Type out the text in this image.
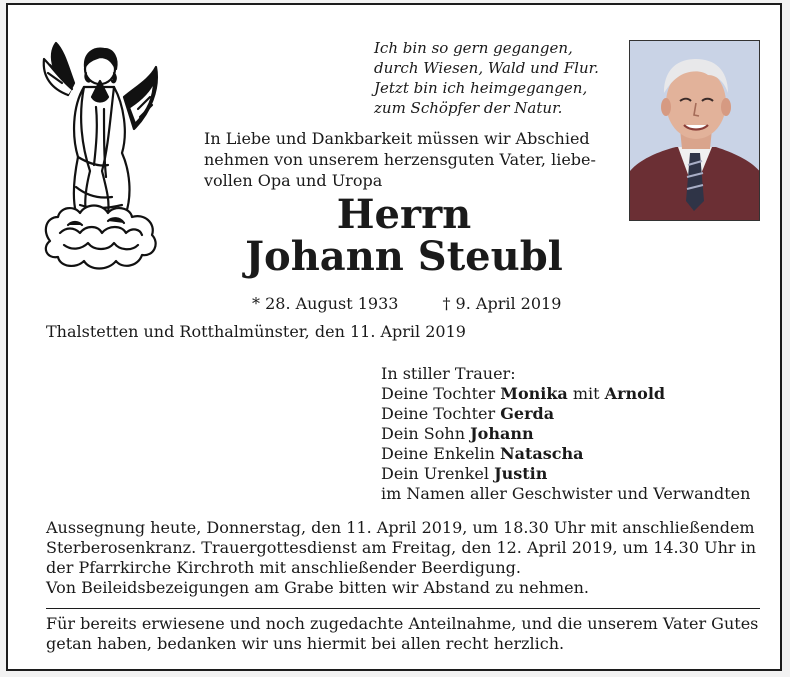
Ich bin so gern gegangen,
durch Wiesen, Wald und Flur.
Jetzt bin ich heimgegangen,
zum Schöpfer der Natur.
In Liebe und Dankbarkeit müssen wir Abschied
nehmen von unserem herzensguten Vater, liebe-
vollen Opa und Uropa
Herrn
Johann Steubl
* 28. August 1933	† 9. April 2019
Thalstetten und Rotthalmünster, den 11. April 2019
In stiller Trauer:
Deine Tochter Monika mit Arnold
Deine Tochter Gerda
Dein Sohn Johann
Deine Enkelin Natascha
Dein Urenkel Justin
im Namen aller Geschwister und Verwandten
Aussegnung heute, Donnerstag, den 11. April 2019, um 18.30 Uhr mit anschließendem
Sterberosenkranz. Trauergottesdienst am Freitag, den 12. April 2019, um 14.30 Uhr in
der Pfarrkirche Kirchroth mit anschließender Beerdigung.
Von Beileidsbezeigungen am Grabe bitten wir Abstand zu nehmen.
Für bereits erwiesene und noch zugedachte Anteilnahme, und die unserem Vater Gutes
getan haben, bedanken wir uns hiermit bei allen recht herzlich.
